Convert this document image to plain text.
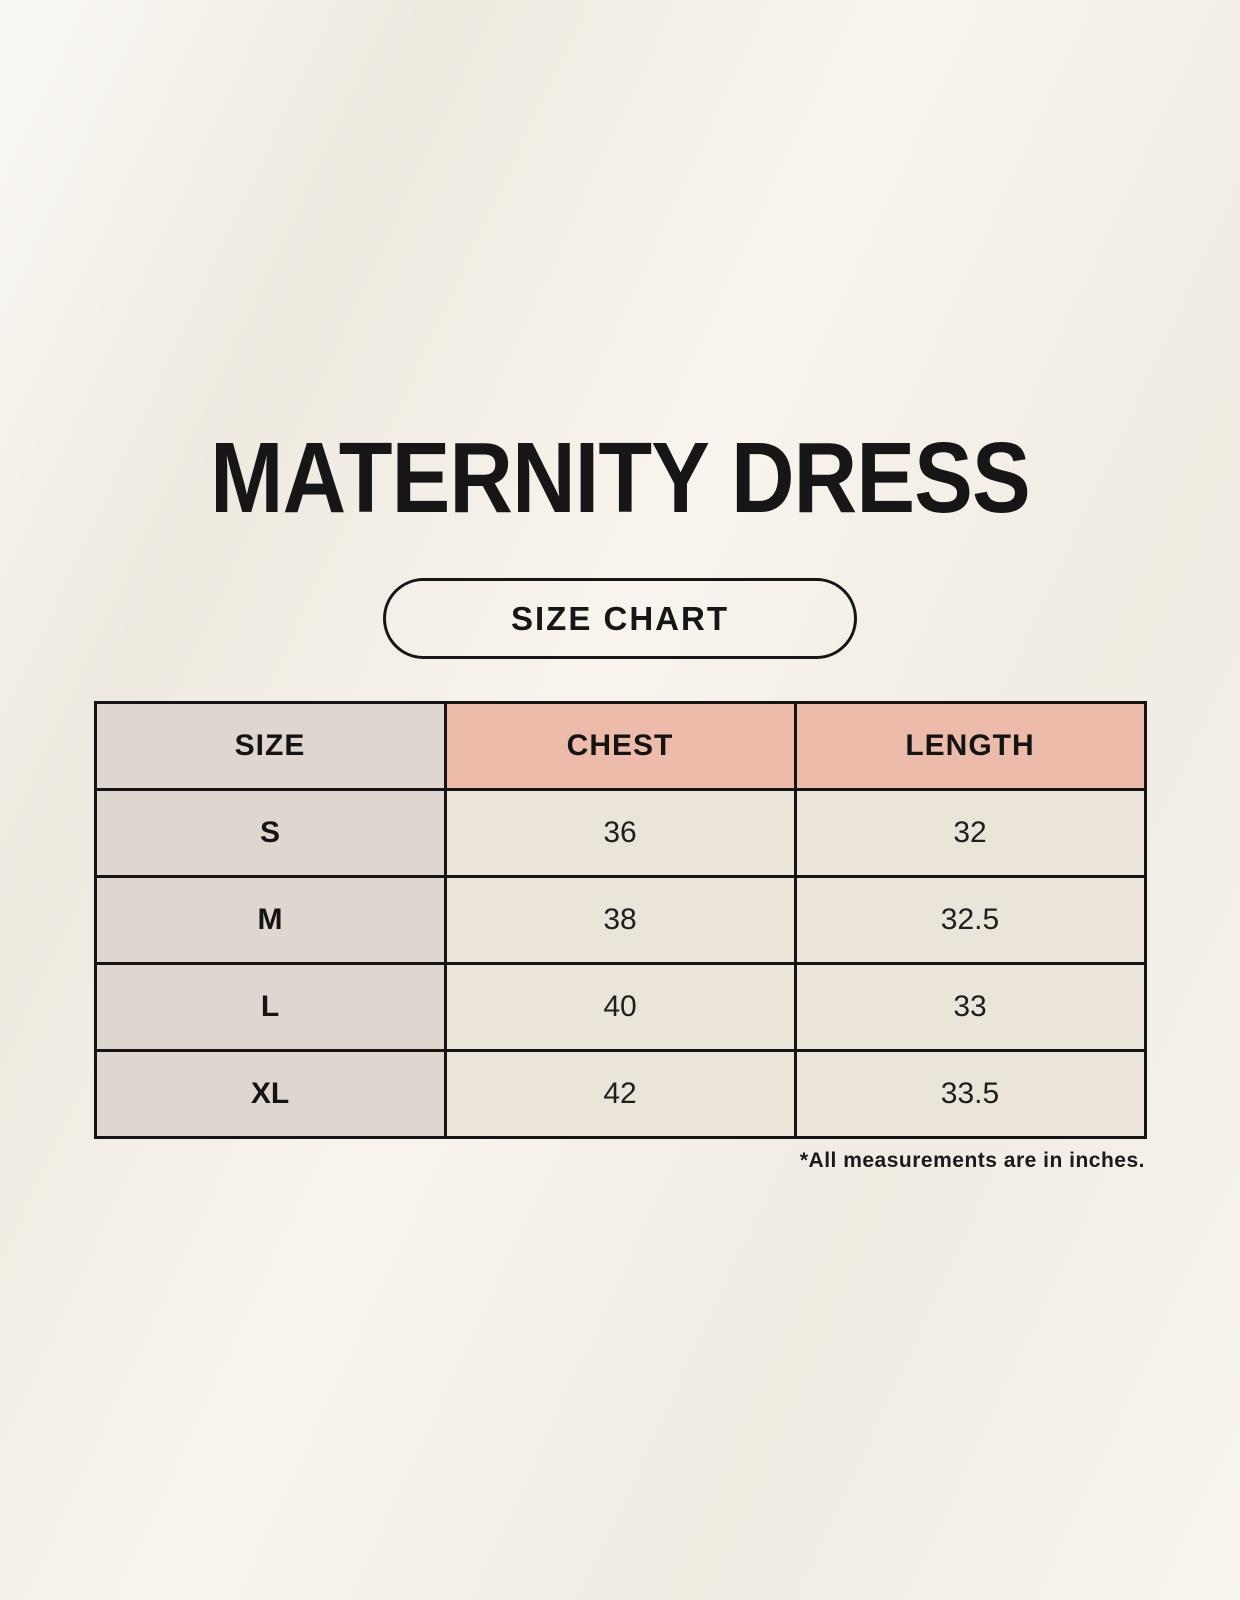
MATERNITY DRESS
SIZE CHART
SIZE	CHEST	LENGTH
S	36	32
M	38	32.5
L	40	33
XL	42	33.5
*All measurements are in inches.
